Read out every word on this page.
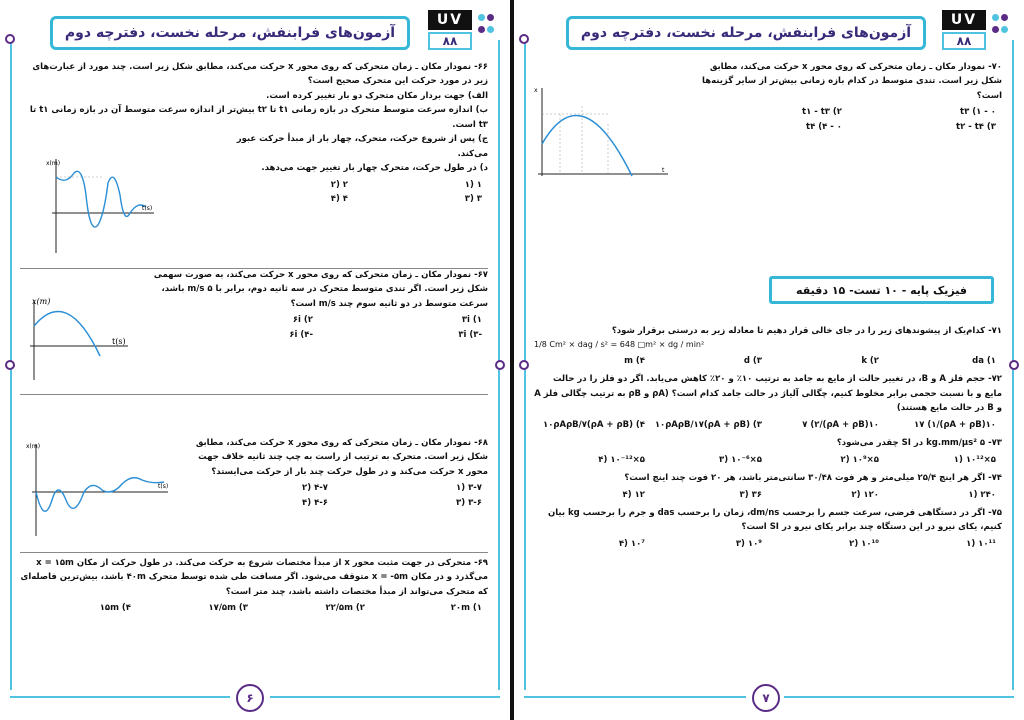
آزمون‌های فرابنفش، مرحله نخست، دفترچه دوم
UV
۸۸
۶۶- نمودار مکان ـ زمان متحرکی که روی محور x حرکت می‌کند، مطابق شکل زیر است. چند مورد از عبارت‌های زیر در مورد حرکت این متحرک صحیح است؟
الف) جهت بردار مکان متحرک دو بار تغییر کرده است.
ب) اندازه سرعت متوسط متحرک در بازه زمانی t۱ تا t۲ بیش‌تر از اندازه سرعت متوسط آن در بازه زمانی t۱ تا t۳ است.
ج) پس از شروع حرکت، متحرک، چهار بار از مبدأ حرکت عبور می‌کند.
د) در طول حرکت، متحرک چهار بار تغییر جهت می‌دهد.
۱ (۱
۲ (۲
۳ (۳
۴ (۴
x(m)
t(s)
۶۷- نمودار مکان ـ زمان متحرکی که روی محور x حرکت می‌کند، به صورت سهمی شکل زیر است. اگر تندی متوسط متحرک در سه ثانیه دوم، برابر با ۵ m/s باشد، سرعت متوسط در دو ثانیه سوم چند m/s است؟
۳i (۱
۶i (۲
-۳i (۳
-۶i (۴
x(m)
t(s)
۶۸- نمودار مکان ـ زمان متحرکی که روی محور x حرکت می‌کند، مطابق شکل زیر است. متحرک به ترتیب از راست به چپ چند ثانیه خلاف جهت محور x حرکت می‌کند و در طول حرکت چند بار از حرکت می‌ایستد؟
۳-۷ (۱
۴-۷ (۲
۳-۶ (۳
۴-۶ (۴
x(m)
t(s)
۶۹- متحرکی در جهت مثبت محور x از مبدأ مختصات شروع به حرکت می‌کند. در طول حرکت از مکان x = ۱۵m می‌گذرد و در مکان x = -۵m متوقف می‌شود. اگر مسافت طی شده توسط متحرک ۴۰m باشد، بیش‌ترین فاصله‌ای که متحرک می‌تواند از مبدأ مختصات داشته باشد، چند متر است؟
۲۰m (۱
۲۲/۵m (۲
۱۷/۵m (۳
۱۵m (۴
۶
آزمون‌های فرابنفش، مرحله نخست، دفترچه دوم
UV
۸۸
۷۰- نمودار مکان ـ زمان متحرکی که روی محور x حرکت می‌کند، مطابق شکل زیر است. تندی متوسط در کدام بازه زمانی بیش‌تر از سایر گزینه‌ها است؟
۰ - t۳ (۱
t۱ - t۳ (۲
t۲ - t۴ (۳
۰ - t۴ (۴
x
t
فیزیک پایه - ۱۰ تست- ۱۵ دقیقه
۷۱- کدام‌یک از پیشوندهای زیر را در جای خالی قرار دهیم تا معادله زیر به درستی برقرار شود؟
1/8 Cm² × dag / s² = 648 □m² × dg / min²
da (۱
k (۲
d (۳
m (۴
۷۲- حجم فلز A و B، در تغییر حالت از مایع به جامد به ترتیب ۱۰٪ و ۲۰٪ کاهش می‌یابد. اگر دو فلز را در حالت مایع و با نسبت حجمی برابر مخلوط کنیم، چگالی آلیاژ در حالت جامد کدام است؟ (ρA و ρB به ترتیب چگالی فلز A و B در حالت مایع هستند)
۱۰(ρA + ρB)/۱۷ (۱
۱۰(ρA + ρB)/۷ (۲
۱۰ρAρB/۱۷(ρA + ρB) (۳
۱۰ρAρB/۷(ρA + ρB) (۴
۷۳- ۵ kg.mm/μs² در SI چقدر می‌شود؟
۵×۱۰¹² (۱
۵×۱۰⁹ (۲
۵×۱۰⁻⁶ (۳
۵×۱۰⁻¹² (۴
۷۴- اگر هر اینچ ۲۵/۴ میلی‌متر و هر فوت ۳۰/۴۸ سانتی‌متر باشد، هر ۲۰ فوت چند اینچ است؟
۲۴۰ (۱
۱۲۰ (۲
۳۶ (۳
۱۲ (۴
۷۵- اگر در دستگاهی فرضی، سرعت جسم را برحسب dm/ns، زمان را برحسب das و جرم را برحسب kg بیان کنیم، یکای نیرو در این دستگاه چند برابر یکای نیرو در SI است؟
۱۰¹¹ (۱
۱۰¹⁰ (۲
۱۰⁹ (۳
۱۰⁷ (۴
۷
